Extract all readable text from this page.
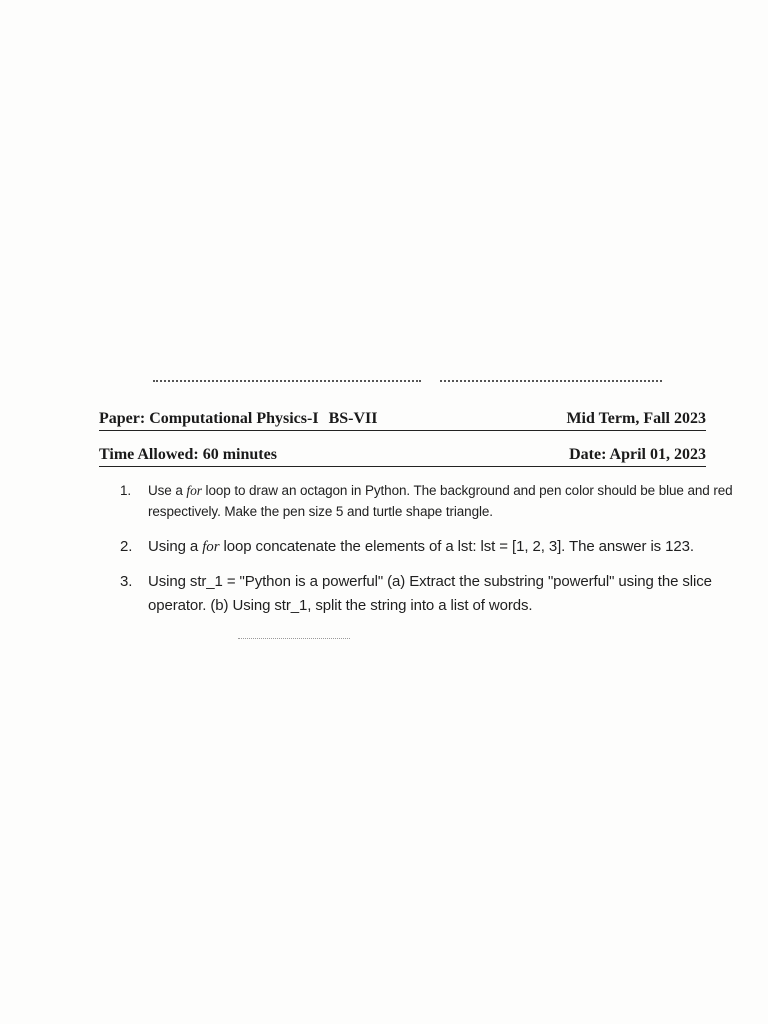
Paper: Computational Physics-I BS-VII	Mid Term, Fall 2023
Time Allowed: 60 minutes	Date: April 01, 2023
1. Use a for loop to draw an octagon in Python. The background and pen color should be blue and red respectively. Make the pen size 5 and turtle shape triangle.
2. Using a for loop concatenate the elements of a lst: lst = [1, 2, 3]. The answer is 123.
3. Using str_1 = "Python is a powerful" (a) Extract the substring "powerful" using the slice operator. (b) Using str_1, split the string into a list of words.
